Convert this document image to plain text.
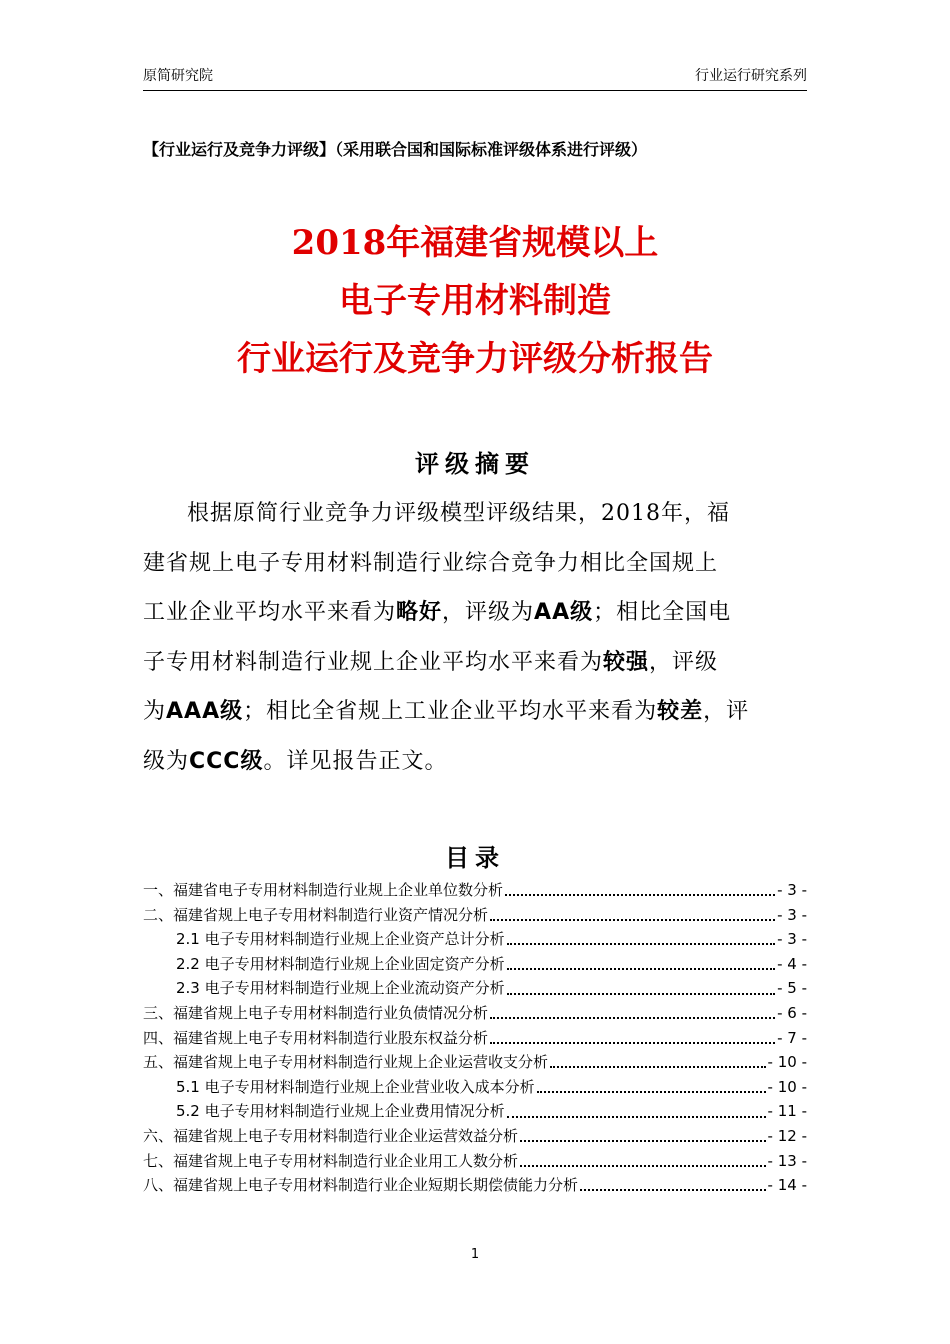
原简研究院	行业运行研究系列
【行业运行及竞争力评级】（采用联合国和国际标准评级体系进行评级）
2018年福建省规模以上
电子专用材料制造
行业运行及竞争力评级分析报告
评级摘要
根据原简行业竞争力评级模型评级结果，2018年，福
建省规上电子专用材料制造行业综合竞争力相比全国规上
工业企业平均水平来看为略好，评级为AA级；相比全国电
子专用材料制造行业规上企业平均水平来看为较强，评级
为AAA级；相比全省规上工业企业平均水平来看为较差，评
级为CCC级。详见报告正文。
目录
一、福建省电子专用材料制造行业规上企业单位数分析	- 3 -
二、福建省规上电子专用材料制造行业资产情况分析	- 3 -
2.1 电子专用材料制造行业规上企业资产总计分析	- 3 -
2.2 电子专用材料制造行业规上企业固定资产分析	- 4 -
2.3 电子专用材料制造行业规上企业流动资产分析	- 5 -
三、福建省规上电子专用材料制造行业负债情况分析	- 6 -
四、福建省规上电子专用材料制造行业股东权益分析	- 7 -
五、福建省规上电子专用材料制造行业规上企业运营收支分析	- 10 -
5.1 电子专用材料制造行业规上企业营业收入成本分析	- 10 -
5.2 电子专用材料制造行业规上企业费用情况分析	- 11 -
六、福建省规上电子专用材料制造行业企业运营效益分析	- 12 -
七、福建省规上电子专用材料制造行业企业用工人数分析	- 13 -
八、福建省规上电子专用材料制造行业企业短期长期偿债能力分析	- 14 -
1
